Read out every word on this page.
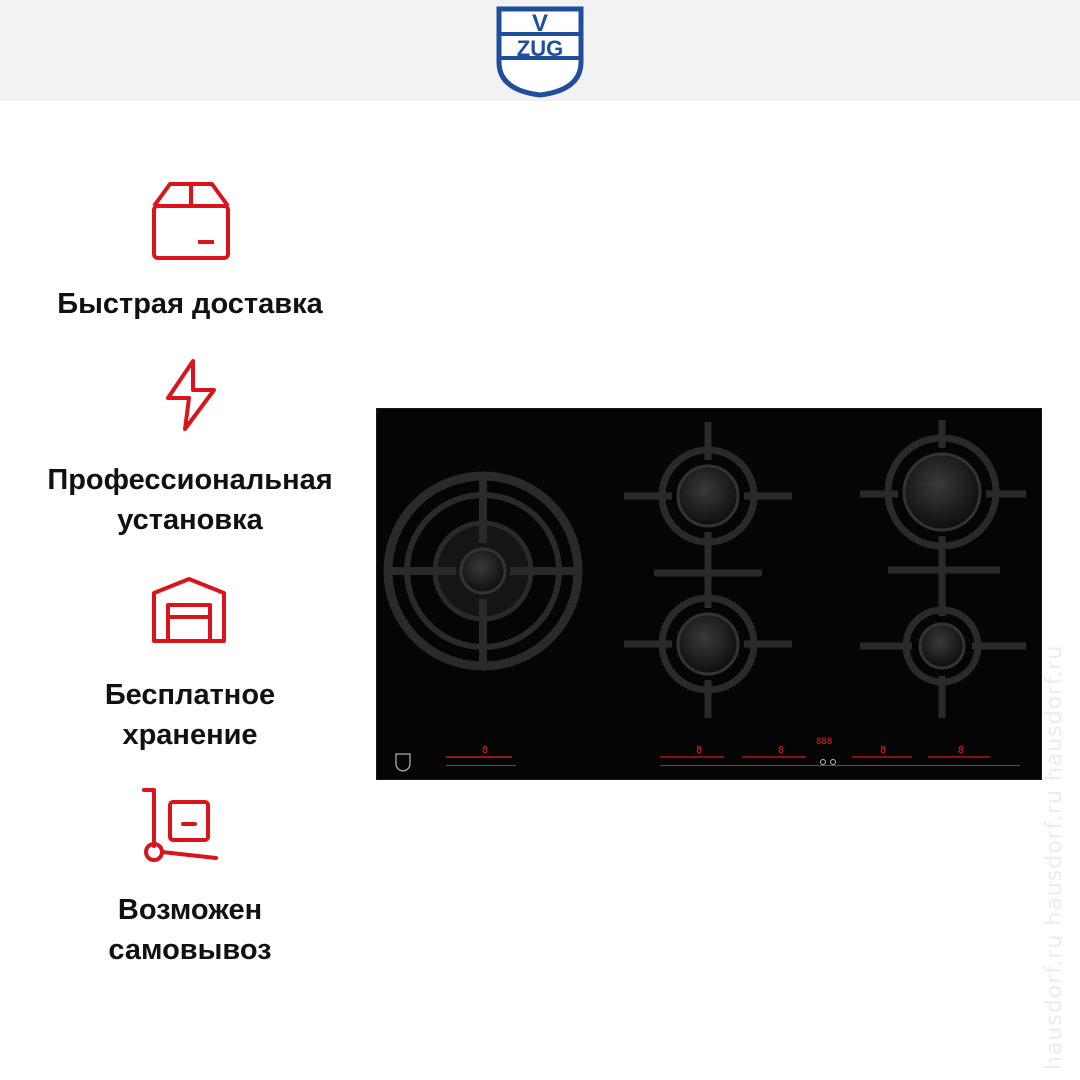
V
ZUG
Быстрая доставка
Профессиональная установка
Бесплатное хранение
Возможен самовывоз	hausdorf.ru hausdorf.ru hausdorf.ru
8	8	8
888
8	8
